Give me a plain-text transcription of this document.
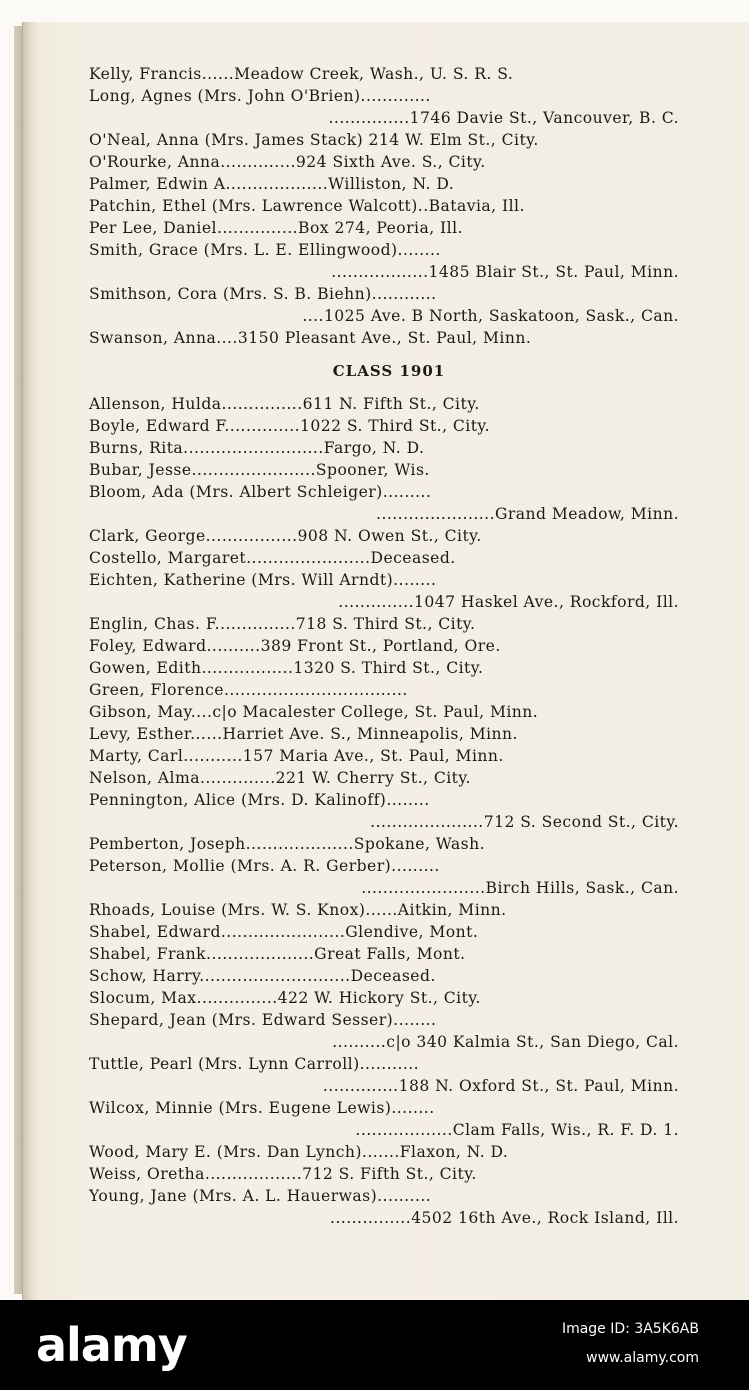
Kelly, Francis......Meadow Creek, Wash., U. S. R. S.
Long, Agnes (Mrs. John O'Brien).............
...............1746 Davie St., Vancouver, B. C.
O'Neal, Anna (Mrs. James Stack) 214 W. Elm St., City.
O'Rourke, Anna..............924 Sixth Ave. S., City.
Palmer, Edwin A...................Williston, N. D.
Patchin, Ethel (Mrs. Lawrence Walcott)..Batavia, Ill.
Per Lee, Daniel...............Box 274, Peoria, Ill.
Smith, Grace (Mrs. L. E. Ellingwood)........
..................1485 Blair St., St. Paul, Minn.
Smithson, Cora (Mrs. S. B. Biehn)............
....1025 Ave. B North, Saskatoon, Sask., Can.
Swanson, Anna....3150 Pleasant Ave., St. Paul, Minn.
CLASS 1901
Allenson, Hulda...............611 N. Fifth St., City.
Boyle, Edward F..............1022 S. Third St., City.
Burns, Rita..........................Fargo, N. D.
Bubar, Jesse.......................Spooner, Wis.
Bloom, Ada (Mrs. Albert Schleiger).........
......................Grand Meadow, Minn.
Clark, George.................908 N. Owen St., City.
Costello, Margaret.......................Deceased.
Eichten, Katherine (Mrs. Will Arndt)........
..............1047 Haskel Ave., Rockford, Ill.
Englin, Chas. F...............718 S. Third St., City.
Foley, Edward..........389 Front St., Portland, Ore.
Gowen, Edith.................1320 S. Third St., City.
Green, Florence..................................
Gibson, May....c|o Macalester College, St. Paul, Minn.
Levy, Esther......Harriet Ave. S., Minneapolis, Minn.
Marty, Carl...........157 Maria Ave., St. Paul, Minn.
Nelson, Alma..............221 W. Cherry St., City.
Pennington, Alice (Mrs. D. Kalinoff)........
.....................712 S. Second St., City.
Pemberton, Joseph....................Spokane, Wash.
Peterson, Mollie (Mrs. A. R. Gerber).........
.......................Birch Hills, Sask., Can.
Rhoads, Louise (Mrs. W. S. Knox)......Aitkin, Minn.
Shabel, Edward.......................Glendive, Mont.
Shabel, Frank....................Great Falls, Mont.
Schow, Harry............................Deceased.
Slocum, Max...............422 W. Hickory St., City.
Shepard, Jean (Mrs. Edward Sesser)........
..........c|o 340 Kalmia St., San Diego, Cal.
Tuttle, Pearl (Mrs. Lynn Carroll)...........
..............188 N. Oxford St., St. Paul, Minn.
Wilcox, Minnie (Mrs. Eugene Lewis)........
..................Clam Falls, Wis., R. F. D. 1.
Wood, Mary E. (Mrs. Dan Lynch).......Flaxon, N. D.
Weiss, Oretha..................712 S. Fifth St., City.
Young, Jane (Mrs. A. L. Hauerwas)..........
...............4502 16th Ave., Rock Island, Ill.
alamy	Image ID: 3A5K6AB
www.alamy.com
